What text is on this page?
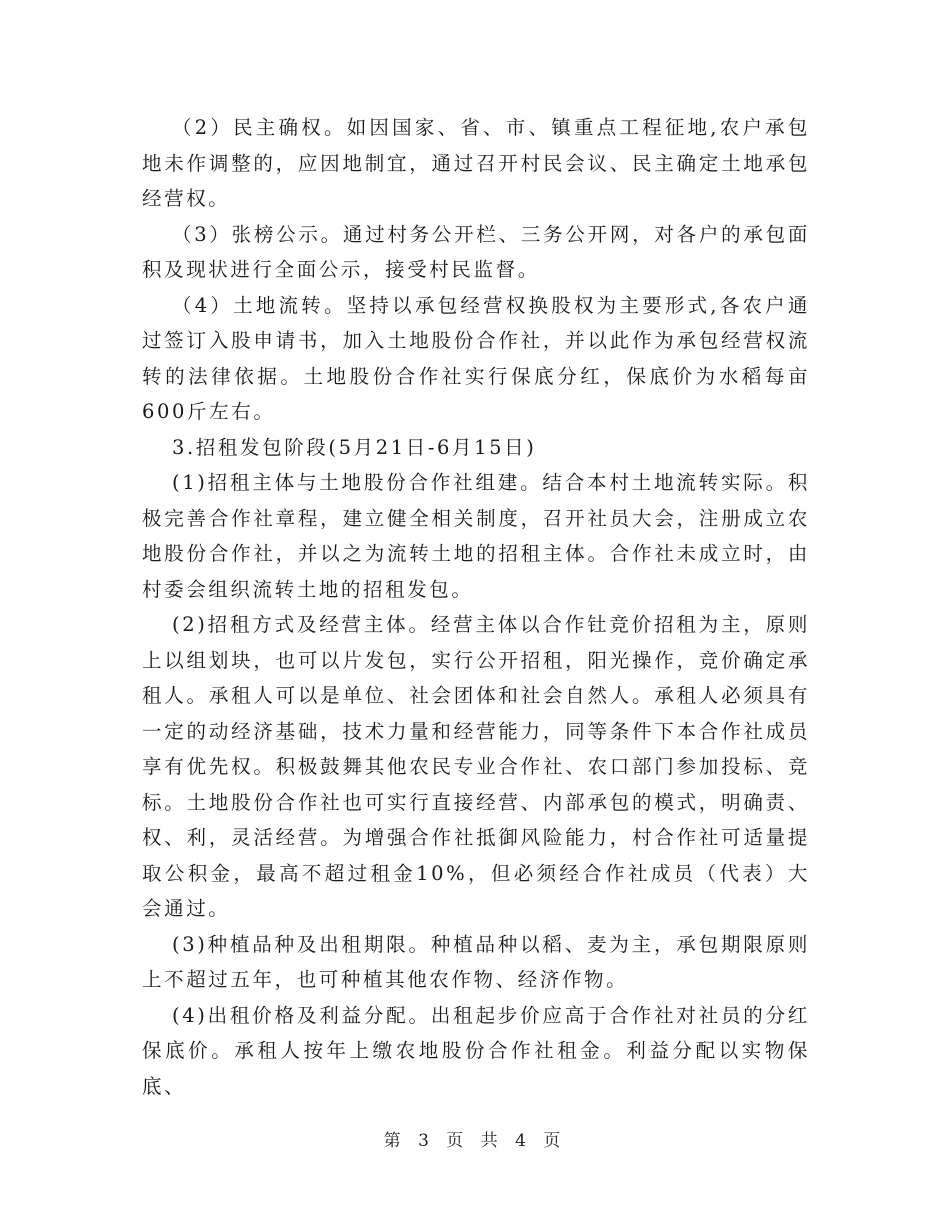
（2）民主确权。如因国家、省、市、镇重点工程征地,农户承包地未作调整的，应因地制宜，通过召开村民会议、民主确定土地承包经营权。

（3）张榜公示。通过村务公开栏、三务公开网，对各户的承包面积及现状进行全面公示，接受村民监督。

（4）土地流转。坚持以承包经营权换股权为主要形式,各农户通过签订入股申请书，加入土地股份合作社，并以此作为承包经营权流转的法律依据。土地股份合作社实行保底分红，保底价为水稻每亩600斤左右。

3.招租发包阶段(5月21日-6月15日)

(1)招租主体与土地股份合作社组建。结合本村土地流转实际。积极完善合作社章程，建立健全相关制度，召开社员大会，注册成立农地股份合作社，并以之为流转土地的招租主体。合作社未成立时，由村委会组织流转土地的招租发包。

(2)招租方式及经营主体。经营主体以合作钍竞价招租为主，原则上以组划块，也可以片发包，实行公开招租，阳光操作，竞价确定承租人。承租人可以是单位、社会团体和社会自然人。承租人必须具有一定的动经济基础，技术力量和经营能力，同等条件下本合作社成员享有优先权。积极鼓舞其他农民专业合作社、农口部门参加投标、竞标。土地股份合作社也可实行直接经营、内部承包的模式，明确责、权、利，灵活经营。为增强合作社抵御风险能力，村合作社可适量提取公积金，最高不超过租金10%，但必须经合作社成员（代表）大会通过。

(3)种植品种及出租期限。种植品种以稻、麦为主，承包期限原则上不超过五年，也可种植其他农作物、经济作物。

(4)出租价格及利益分配。出租起步价应高于合作社对社员的分红保底价。承租人按年上缴农地股份合作社租金。利益分配以实物保底、

第 3 页 共 4 页
